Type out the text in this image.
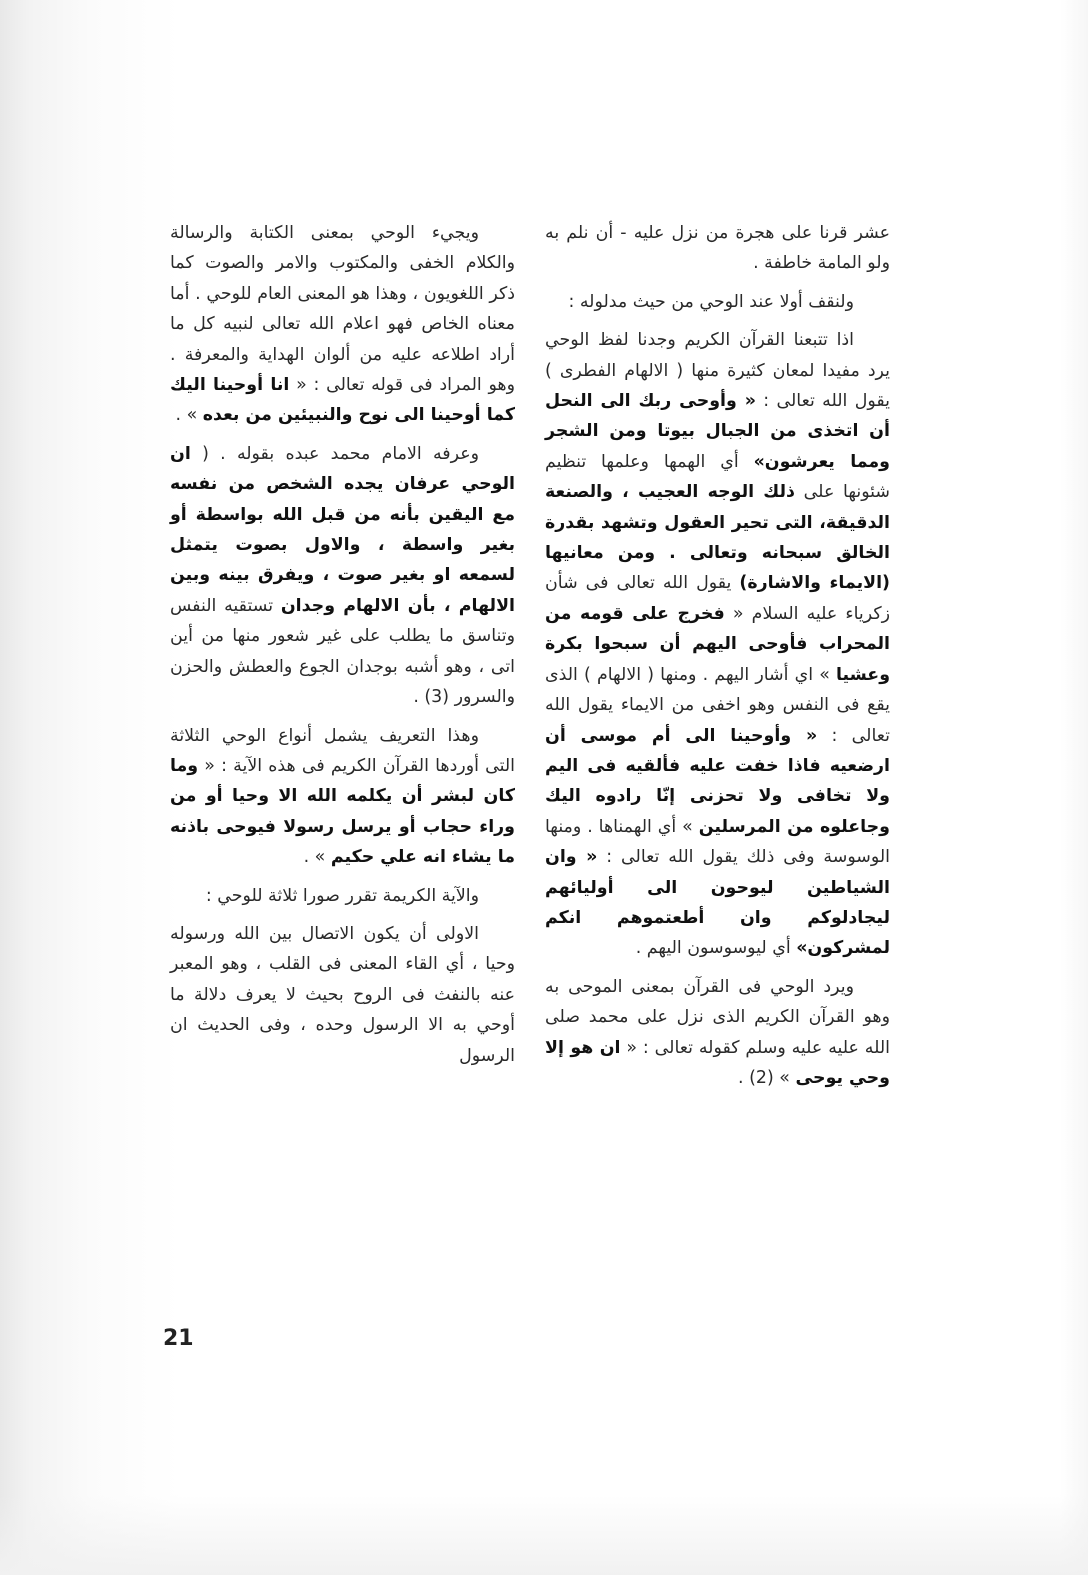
عشر قرنا على هجرة من نزل عليه - أن نلم به ولو المامة خاطفة .

ولنقف أولا عند الوحي من حيث مدلوله :

اذا تتبعنا القرآن الكريم وجدنا لفظ الوحي يرد مفيدا لمعان كثيرة منها ( الالهام الفطرى ) يقول الله تعالى : « وأوحى ربك الى النحل أن اتخذى من الجبال بيوتا ومن الشجر ومما يعرشون» أي الهمها وعلمها تنظيم شئونها على ذلك الوجه العجيب ، والصنعة الدقيقة، التى تحير العقول وتشهد بقدرة الخالق سبحانه وتعالى . ومن معانيها (الايماء والاشارة) يقول الله تعالى فى شأن زكرياء عليه السلام « فخرج على قومه من المحراب فأوحى اليهم أن سبحوا بكرة وعشيا » اي أشار اليهم . ومنها ( الالهام ) الذى يقع فى النفس وهو اخفى من الايماء يقول الله تعالى : « وأوحينا الى أم موسى أن ارضعيه فاذا خفت عليه فألقيه فى اليم ولا تخافى ولا تحزنى إنّا رادوه اليك وجاعلوه من المرسلين » أي الهمناها . ومنها الوسوسة وفى ذلك يقول الله تعالى : « وان الشياطين ليوحون الى أوليائهم ليجادلوكم وان أطعتموهم انكم لمشركون» أي ليوسوسون اليهم .

ويرد الوحي فى القرآن بمعنى الموحى به وهو القرآن الكريم الذى نزل على محمد صلى الله عليه عليه وسلم كقوله تعالى : « ان هو إلا وحي يوحى » (2) .

ويجيء الوحي بمعنى الكتابة والرسالة والكلام الخفى والمكتوب والامر والصوت كما ذكر اللغويون ، وهذا هو المعنى العام للوحي . أما معناه الخاص فهو اعلام الله تعالى لنبيه كل ما أراد اطلاعه عليه من ألوان الهداية والمعرفة . وهو المراد فى قوله تعالى : « انا أوحينا اليك كما أوحينا الى نوح والنبيئين من بعده » .

وعرفه الامام محمد عبده بقوله . ( ان الوحي عرفان يجده الشخص من نفسه مع اليقين بأنه من قبل الله بواسطة أو بغير واسطة ، والاول بصوت يتمثل لسمعه او بغير صوت ، ويفرق بينه وبين الالهام ، بأن الالهام وجدان تستقيه النفس وتناسق ما يطلب على غير شعور منها من أين اتى ، وهو أشبه بوجدان الجوع والعطش والحزن والسرور (3) .

وهذا التعريف يشمل أنواع الوحي الثلاثة التى أوردها القرآن الكريم فى هذه الآية : « وما كان لبشر أن يكلمه الله الا وحيا أو من وراء حجاب أو يرسل رسولا فيوحى باذنه ما يشاء انه علي حكيم » .

والآية الكريمة تقرر صورا ثلاثة للوحي :

الاولى أن يكون الاتصال بين الله ورسوله وحيا ، أي القاء المعنى فى القلب ، وهو المعبر عنه بالنفث فى الروح بحيث لا يعرف دلالة ما أوحي به الا الرسول وحده ، وفى الحديث ان الرسول

21
